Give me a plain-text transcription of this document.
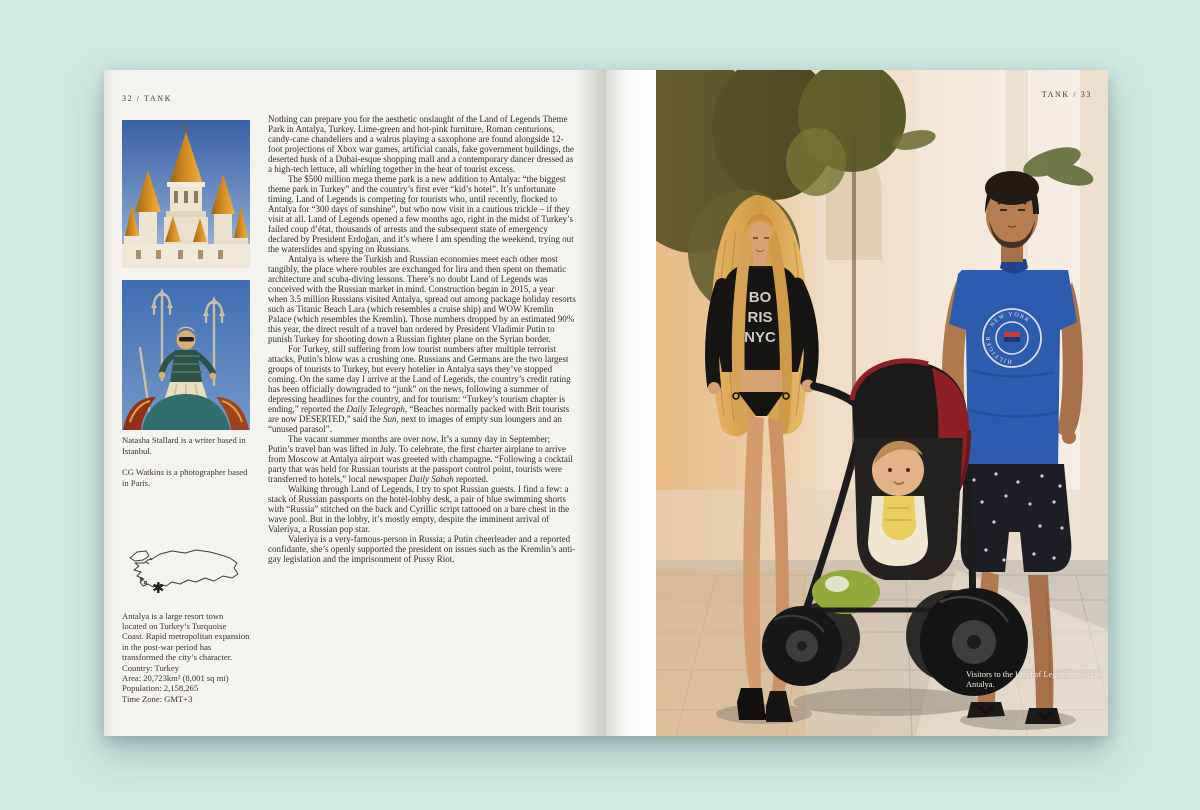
32 / TANK

Natasha Stallard is a writer based in Istanbul.

CG Watkins is a photographer based in Paris.

✱

Antalya is a large resort town located on Turkey’s Turquoise Coast. Rapid metropolitan expansion in the post-war period has transformed the city’s character.

Country: Turkey
Area: 20,723km² (8,001 sq mi)
Population: 2,158,265
Time Zone: GMT+3

Nothing can prepare you for the aesthetic onslaught of the Land of Legends Theme Park in Antalya, Turkey. Lime-green and hot-pink furniture, Roman centurions, candy-cane chandeliers and a walrus playing a saxophone are found alongside 12-foot projections of Xbox war games, artificial canals, fake government buildings, the deserted husk of a Dubai-esque shopping mall and a contemporary dancer dressed as a high-tech lettuce, all whirling together in the heat of tourist excess.

The $500 million mega theme park is a new addition to Antalya: “the biggest theme park in Turkey” and the country’s first ever “kid’s hotel”. It’s unfortunate timing. Land of Legends is competing for tourists who, until recently, flocked to Antalya for “300 days of sunshine”, but who now visit in a cautious trickle – if they visit at all. Land of Legends opened a few months ago, right in the midst of Turkey’s failed coup d’état, thousands of arrests and the subsequent state of emergency declared by President Erdoğan, and it’s where I am spending the weekend, trying out the waterslides and spying on Russians.

Antalya is where the Turkish and Russian economies meet each other most tangibly, the place where roubles are exchanged for lira and then spent on thematic architecture and scuba-diving lessons. There’s no doubt Land of Legends was conceived with the Russian market in mind. Construction began in 2015, a year when 3.5 million Russians visited Antalya, spread out among package holiday resorts such as Titanic Beach Lara (which resembles a cruise ship) and WOW Kremlin Palace (which resembles the Kremlin). Those numbers dropped by an estimated 90% this year, the direct result of a travel ban ordered by President Vladimir Putin to punish Turkey for shooting down a Russian fighter plane on the Syrian border.

For Turkey, still suffering from low tourist numbers after multiple terrorist attacks, Putin’s blow was a crushing one. Russians and Germans are the two largest groups of tourists to Turkey, but every hotelier in Antalya says they’ve stopped coming. On the same day I arrive at the Land of Legends, the country’s credit rating has been officially downgraded to “junk” on the news, following a summer of depressing headlines for the country, and for tourism: “Turkey’s tourism chapter is ending,” reported the Daily Telegraph, “Beaches normally packed with Brit tourists are now DESERTED,” said the Sun, next to images of empty sun loungers and an “unused parasol”.

The vacant summer months are over now. It’s a sunny day in September; Putin’s travel ban was lifted in July. To celebrate, the first charter airplane to arrive from Moscow at Antalya airport was greeted with champagne. “Following a cocktail party that was held for Russian tourists at the passport control point, tourists were transferred to hotels,” local newspaper Daily Sabah reported.

Walking through Land of Legends, I try to spot Russian guests. I find a few: a stack of Russian passports on the hotel-lobby desk, a pair of blue swimming shorts with “Russia” stitched on the back and Cyrillic script tattooed on a bare chest in the wave pool. But in the lobby, it’s mostly empty, despite the imminent arrival of Valeriya, a Russian pop star.

Valeriya is a very-famous-person in Russia; a Putin cheerleader and a reported confidante, she’s openly supported the president on issues such as the Kremlin’s anti-gay legislation and the imprisonment of Pussy Riot.

TANK / 33
BO
RIS
NYC
HILFIGER · NEW YORK
Visitors to the Land of Legends resort in Antalya.
